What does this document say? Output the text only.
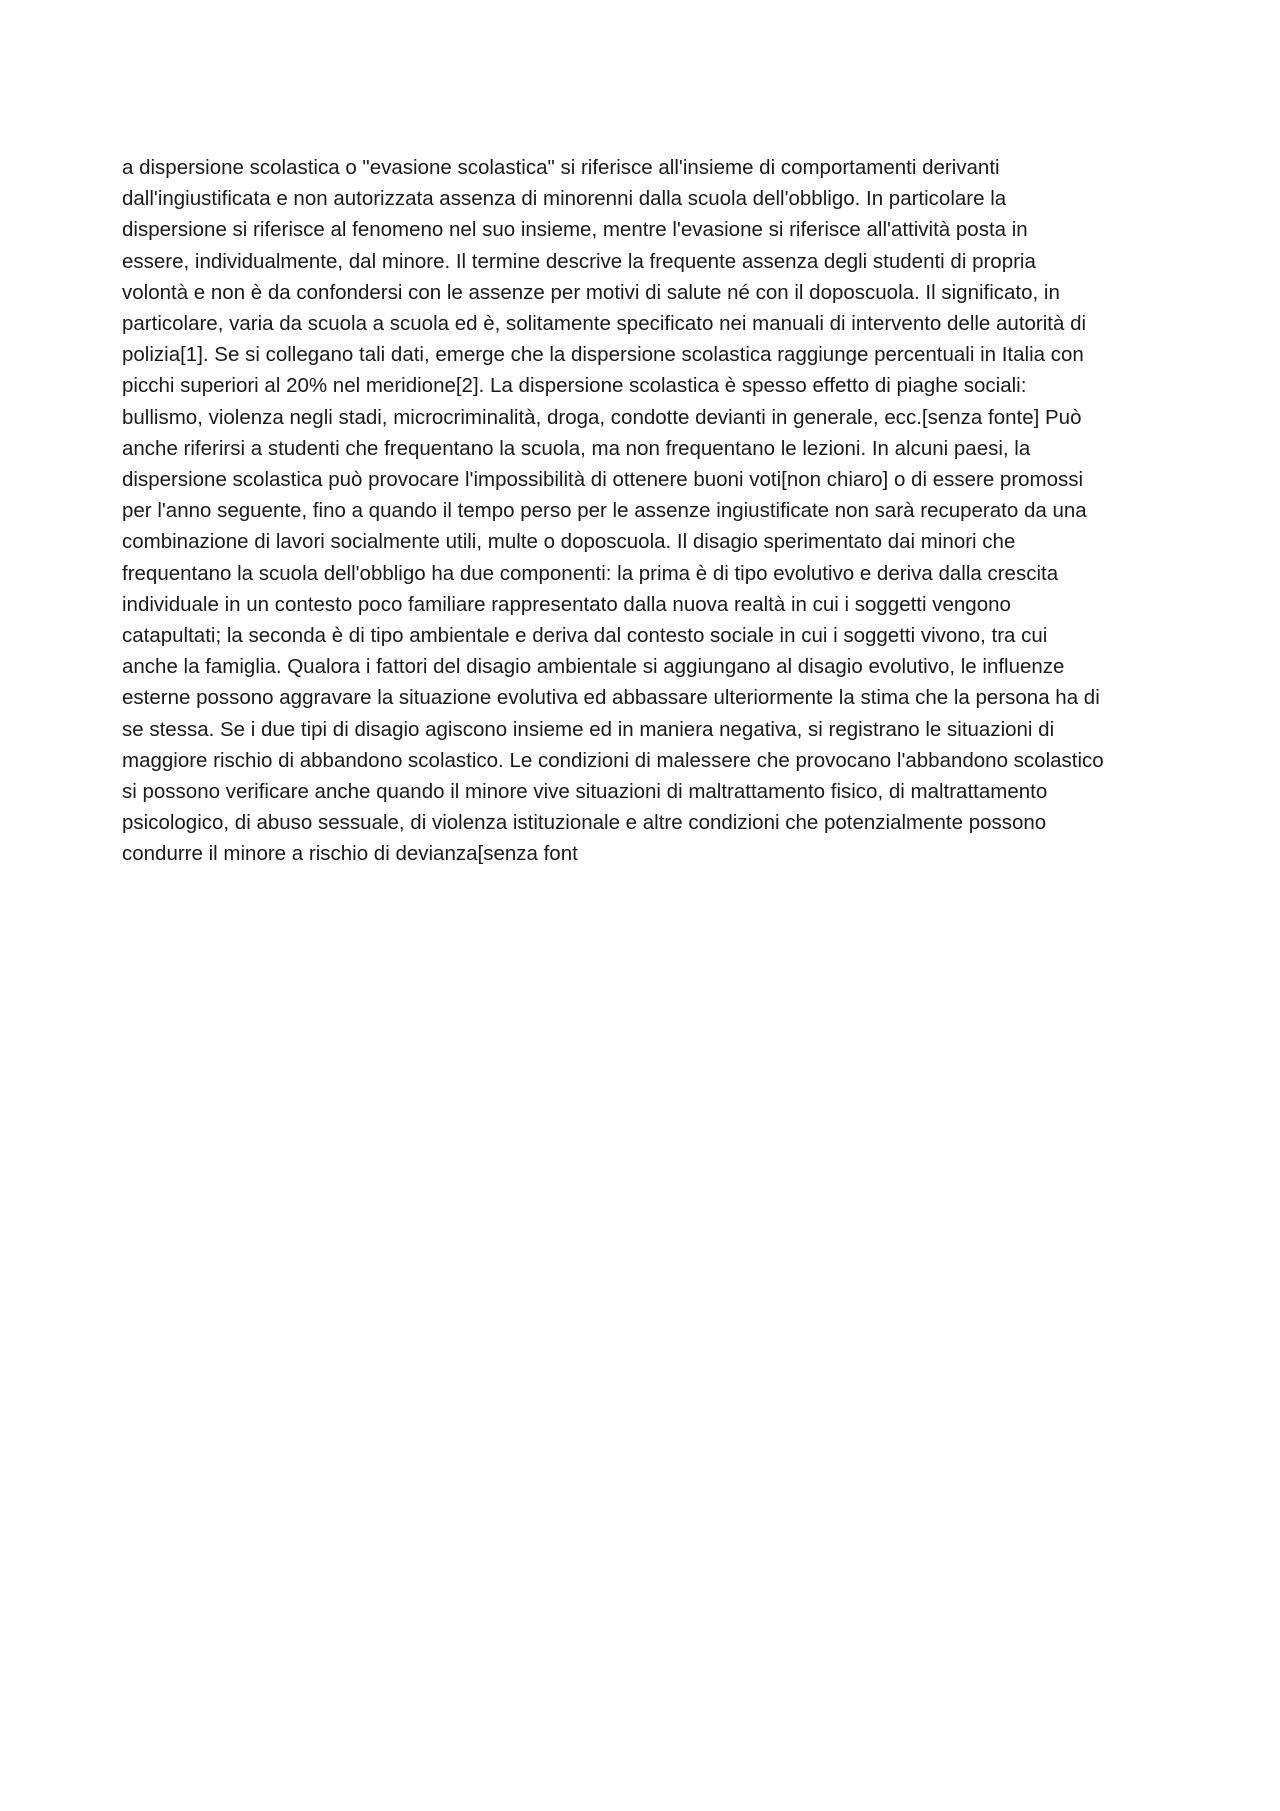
a dispersione scolastica o "evasione scolastica" si riferisce all'insieme di comportamenti derivanti
dall'ingiustificata e non autorizzata assenza di minorenni dalla scuola dell'obbligo. In particolare la
dispersione si riferisce al fenomeno nel suo insieme, mentre l'evasione si riferisce all'attività posta in
essere, individualmente, dal minore. Il termine descrive la frequente assenza degli studenti di propria
volontà e non è da confondersi con le assenze per motivi di salute né con il doposcuola. Il significato, in
particolare, varia da scuola a scuola ed è, solitamente specificato nei manuali di intervento delle autorità di
polizia[1]. Se si collegano tali dati, emerge che la dispersione scolastica raggiunge percentuali in Italia con
picchi superiori al 20% nel meridione[2]. La dispersione scolastica è spesso effetto di piaghe sociali:
bullismo, violenza negli stadi, microcriminalità, droga, condotte devianti in generale, ecc.[senza fonte] Può
anche riferirsi a studenti che frequentano la scuola, ma non frequentano le lezioni. In alcuni paesi, la
dispersione scolastica può provocare l'impossibilità di ottenere buoni voti[non chiaro] o di essere promossi
per l'anno seguente, fino a quando il tempo perso per le assenze ingiustificate non sarà recuperato da una
combinazione di lavori socialmente utili, multe o doposcuola. Il disagio sperimentato dai minori che
frequentano la scuola dell'obbligo ha due componenti: la prima è di tipo evolutivo e deriva dalla crescita
individuale in un contesto poco familiare rappresentato dalla nuova realtà in cui i soggetti vengono
catapultati; la seconda è di tipo ambientale e deriva dal contesto sociale in cui i soggetti vivono, tra cui
anche la famiglia. Qualora i fattori del disagio ambientale si aggiungano al disagio evolutivo, le influenze
esterne possono aggravare la situazione evolutiva ed abbassare ulteriormente la stima che la persona ha di
se stessa. Se i due tipi di disagio agiscono insieme ed in maniera negativa, si registrano le situazioni di
maggiore rischio di abbandono scolastico. Le condizioni di malessere che provocano l'abbandono scolastico
si possono verificare anche quando il minore vive situazioni di maltrattamento fisico, di maltrattamento
psicologico, di abuso sessuale, di violenza istituzionale e altre condizioni che potenzialmente possono
condurre il minore a rischio di devianza[senza font
